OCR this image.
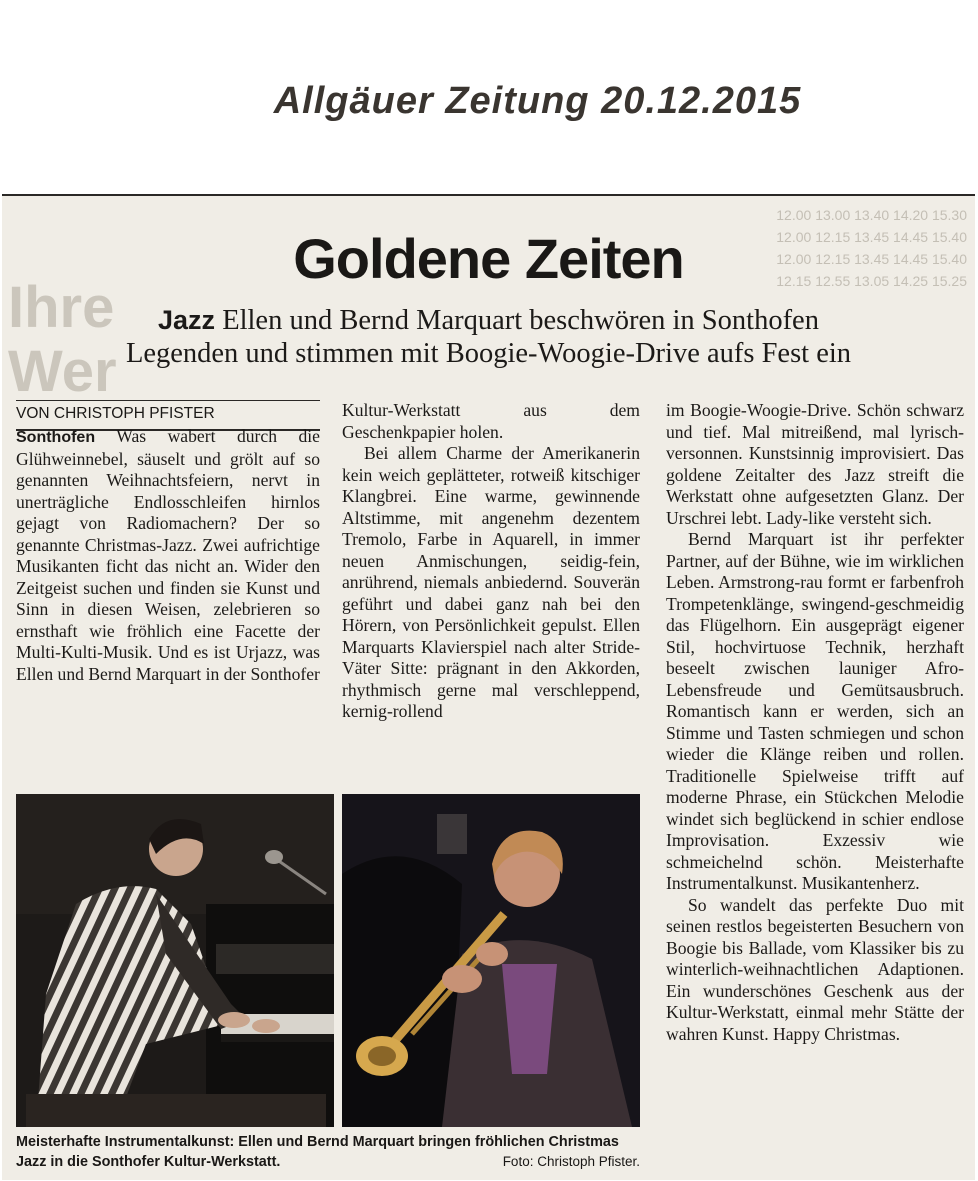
Allgäuer Zeitung 20.12.2015
Ihre
Wer
12.00 13.00 13.40 14.20 15.30
12.00 12.15 13.45 14.45 15.40
12.00 12.15 13.45 14.45 15.40
12.15 12.55 13.05 14.25 15.25
Goldene Zeiten
Jazz Ellen und Bernd Marquart beschwören in Sonthofen
Legenden und stimmen mit Boogie-Woogie-Drive aufs Fest ein
VON CHRISTOPH PFISTER

Sonthofen Was wabert durch die Glühweinnebel, säuselt und grölt auf so genannten Weihnachtsfeiern, nervt in unerträgliche Endlosschleifen hirnlos gejagt von Radiomachern? Der so genannte Christmas-Jazz. Zwei aufrichtige Musikanten ficht das nicht an. Wider den Zeitgeist suchen und finden sie Kunst und Sinn in diesen Weisen, zelebrieren so ernsthaft wie fröhlich eine Facette der Multi-Kulti-Musik. Und es ist Urjazz, was Ellen und Bernd Marquart in der Sonthofer

Kultur-Werkstatt aus dem Geschenkpapier holen.

Bei allem Charme der Amerikanerin kein weich geplätteter, rotweiß kitschiger Klangbrei. Eine warme, gewinnende Altstimme, mit angenehm dezentem Tremolo, Farbe in Aquarell, in immer neuen Anmischungen, seidig-fein, anrührend, niemals anbiedernd. Souverän geführt und dabei ganz nah bei den Hörern, von Persönlichkeit gepulst. Ellen Marquarts Klavierspiel nach alter Stride-Väter Sitte: prägnant in den Akkorden, rhythmisch gerne mal verschleppend, kernig-rollend

im Boogie-Woogie-Drive. Schön schwarz und tief. Mal mitreißend, mal lyrisch-versonnen. Kunstsinnig improvisiert. Das goldene Zeitalter des Jazz streift die Werkstatt ohne aufgesetzten Glanz. Der Urschrei lebt. Lady-like versteht sich.

Bernd Marquart ist ihr perfekter Partner, auf der Bühne, wie im wirklichen Leben. Armstrong-rau formt er farbenfroh Trompetenklänge, swingend-geschmeidig das Flügelhorn. Ein ausgeprägt eigener Stil, hochvirtuose Technik, herzhaft beseelt zwischen launiger Afro-Lebensfreude und Gemütsausbruch. Romantisch kann er werden, sich an Stimme und Tasten schmiegen und schon wieder die Klänge reiben und rollen. Traditionelle Spielweise trifft auf moderne Phrase, ein Stückchen Melodie windet sich beglückend in schier endlose Improvisation. Exzessiv wie schmeichelnd schön. Meisterhafte Instrumentalkunst. Musikantenherz.

So wandelt das perfekte Duo mit seinen restlos begeisterten Besuchern von Boogie bis Ballade, vom Klassiker bis zu winterlich-weihnachtlichen Adaptionen. Ein wunderschönes Geschenk aus der Kultur-Werkstatt, einmal mehr Stätte der wahren Kunst. Happy Christmas.

Meisterhafte Instrumentalkunst: Ellen und Bernd Marquart bringen fröhlichen Christmas Jazz in die Sonthofer Kultur-Werkstatt.	Foto: Christoph Pfister.
